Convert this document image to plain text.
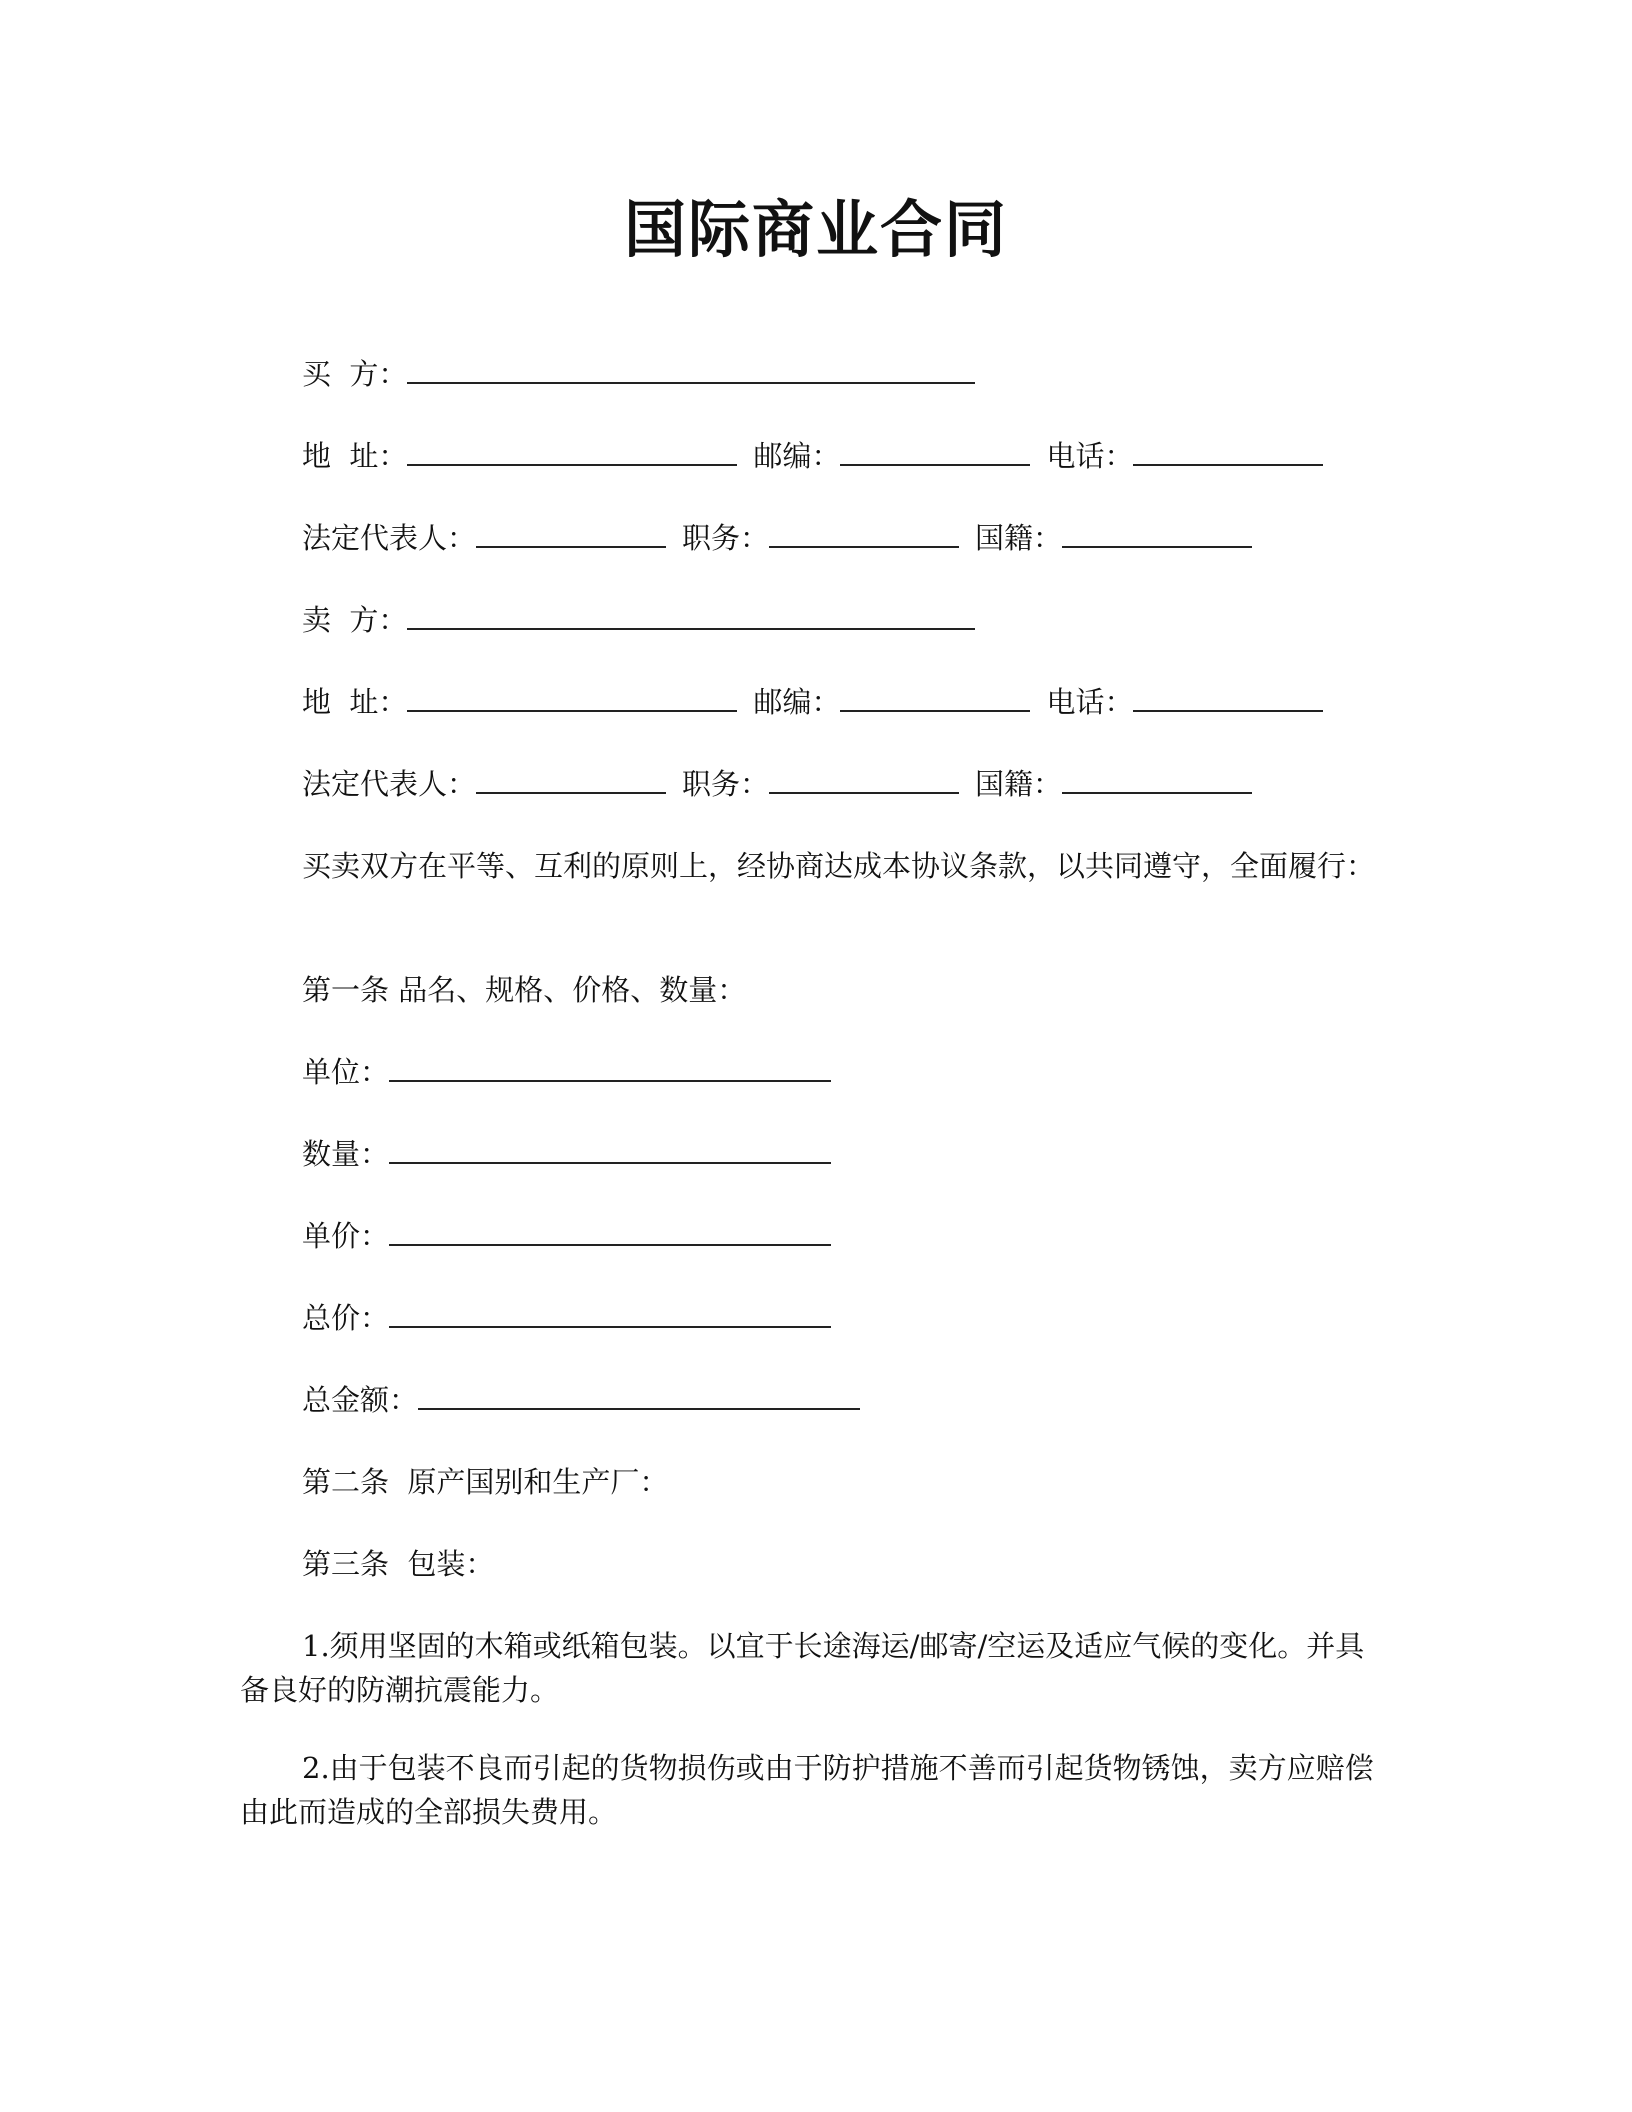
国际商业合同
买  方：
地  址：	邮编：	电话：
法定代表人：	职务：	国籍：
卖  方：
地  址：	邮编：	电话：
法定代表人：	职务：	国籍：
买卖双方在平等、互利的原则上，经协商达成本协议条款，以共同遵守，全面履行：
第一条 品名、规格、价格、数量：
单位：
数量：
单价：
总价：
总金额：
第二条  原产国别和生产厂：
第三条  包装：
1.须用坚固的木箱或纸箱包装。以宜于长途海运/邮寄/空运及适应气候的变化。并具备良好的防潮抗震能力。
2.由于包装不良而引起的货物损伤或由于防护措施不善而引起货物锈蚀，卖方应赔偿由此而造成的全部损失费用。
